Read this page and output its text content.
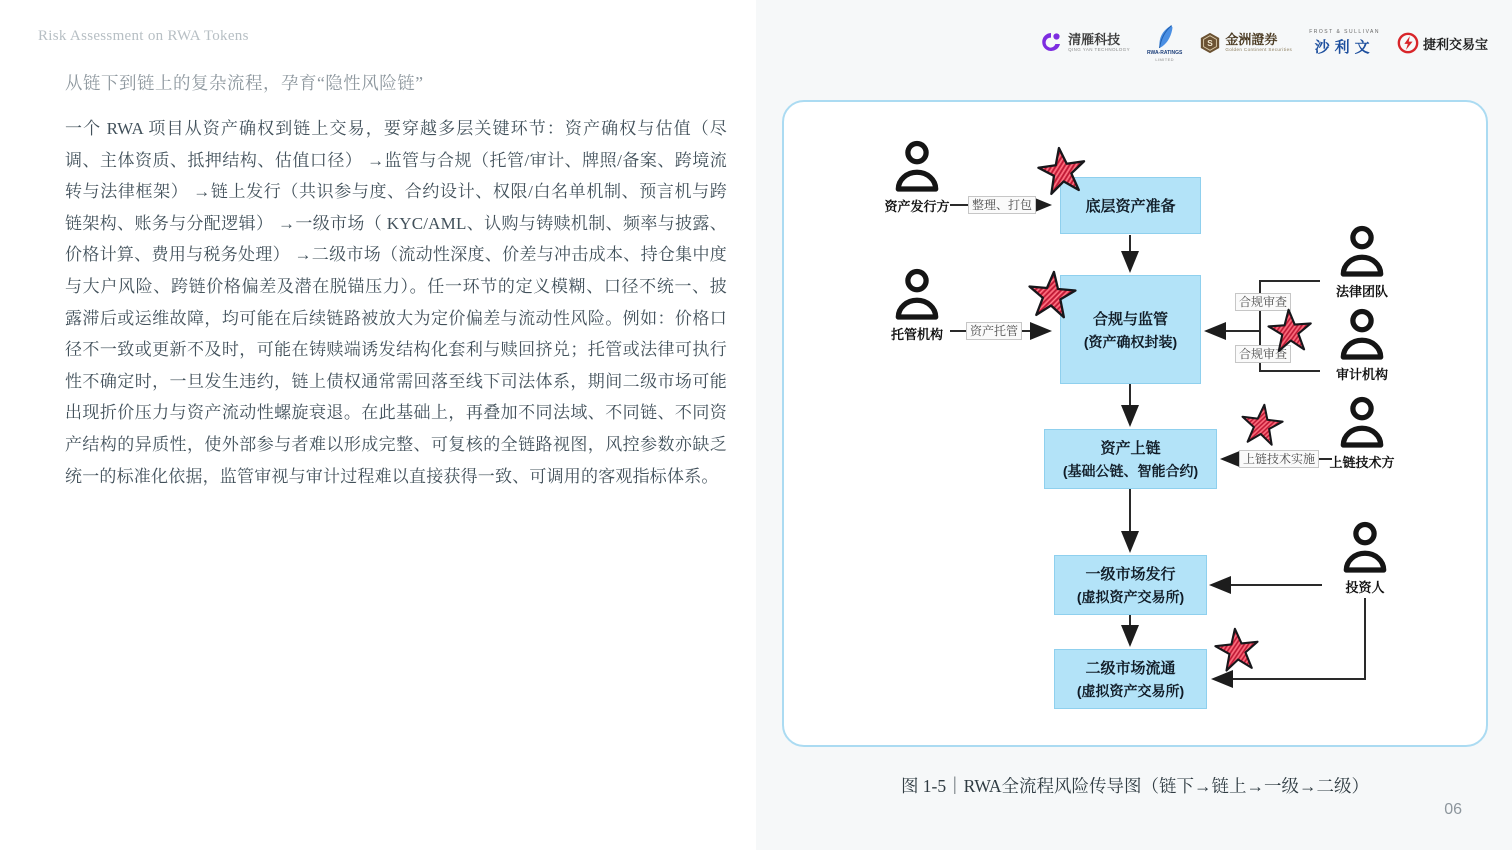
Risk Assessment on RWA Tokens
从链下到链上的复杂流程，孕育“隐性风险链”

一个 RWA 项目从资产确权到链上交易，要穿越多层关键环节：资产确权与估值（尽调、主体资质、抵押结构、估值口径） →监管与合规（托管/审计、牌照/备案、跨境流转与法律框架） →链上发行（共识参与度、合约设计、权限/白名单机制、预言机与跨链架构、账务与分配逻辑） →一级市场（ KYC/AML、认购与铸赎机制、频率与披露、价格计算、费用与税务处理） →二级市场（流动性深度、价差与冲击成本、持仓集中度与大户风险、跨链价格偏差及潜在脱锚压力）。任一环节的定义模糊、口径不统一、披露滞后或运维故障，均可能在后续链路被放大为定价偏差与流动性风险。例如：价格口径不一致或更新不及时，可能在铸赎端诱发结构化套利与赎回挤兑；托管或法律可执行性不确定时，一旦发生违约，链上债权通常需回落至线下司法体系，期间二级市场可能出现折价压力与资产流动性螺旋衰退。在此基础上，再叠加不同法域、不同链、不同资产结构的异质性，使外部参与者难以形成完整、可复核的全链路视图，风控参数亦缺乏统一的标准化依据，监管审视与审计过程难以直接获得一致、可调用的客观指标体系。

清雁科技
QING YAN TECHNOLOGY
RWA-RATINGS
LIMITED
S 金洲證券
Golden Continent Securities
FROST & SULLIVAN
沙利文	捷利交易宝
底层资产准备
合规与监管
(资产确权封装)
资产上链
(基础公链、智能合约)
一级市场发行
(虚拟资产交易所)
二级市场流通
(虚拟资产交易所)
资产发行方
托管机构
法律团队
审计机构
上链技术方
投资人
整理、打包
资产托管
合规审查
合规审查
上链技术实施
图 1-5｜RWA全流程风险传导图（链下→链上→一级→二级）
06
